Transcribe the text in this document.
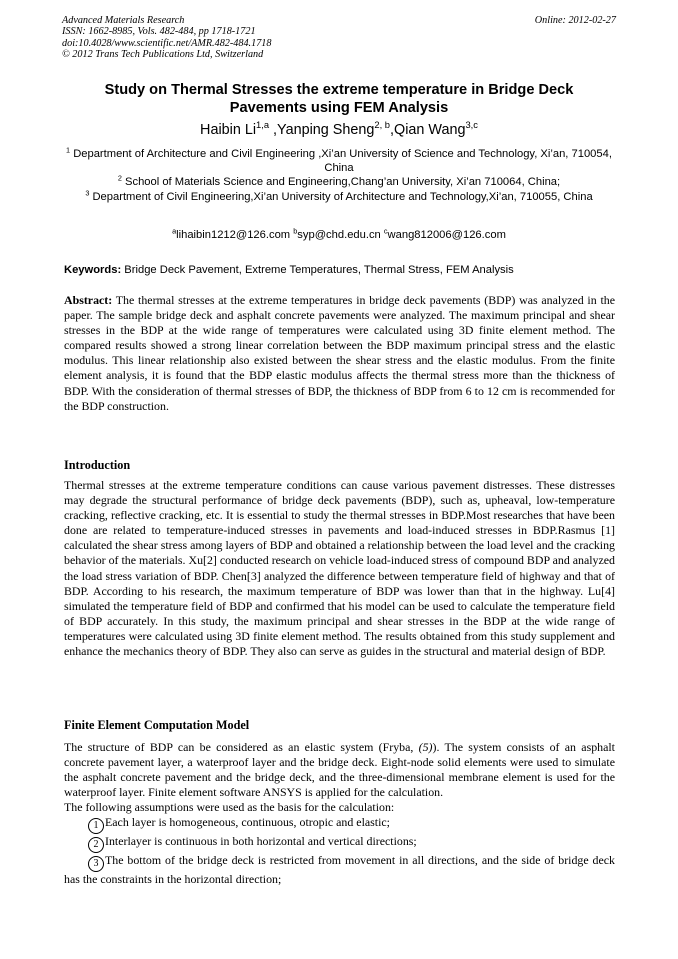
Advanced Materials Research
ISSN: 1662-8985, Vols. 482-484, pp 1718-1721
doi:10.4028/www.scientific.net/AMR.482-484.1718
© 2012 Trans Tech Publications Ltd, Switzerland
Online: 2012-02-27
Study on Thermal Stresses the extreme temperature in Bridge Deck
Pavements using FEM Analysis
Haibin Li$^{1,a}$ ,Yanping Sheng$^{2, b}$,Qian Wang$^{3,c}$
$^1$ Department of Architecture and Civil Engineering ,Xi’an University of Science and Technology, Xi’an, 710054, China
$^2$ School of Materials Science and Engineering,Chang’an University, Xi’an 710064, China;
$^3$ Department of Civil Engineering,Xi’an University of Architecture and Technology,Xi’an, 710055, China
$^a$lihaibin1212@126.com $^b$syp@chd.edu.cn $^c$wang812006@126.com
Keywords: Bridge Deck Pavement, Extreme Temperatures, Thermal Stress, FEM Analysis

Abstract: The thermal stresses at the extreme temperatures in bridge deck pavements (BDP) was analyzed in the paper. The sample bridge deck and asphalt concrete pavements were analyzed. The maximum principal and shear stresses in the BDP at the wide range of temperatures were calculated using 3D finite element method. The compared results showed a strong linear correlation between the BDP maximum principal stress and the elastic modulus. This linear relationship also existed between the shear stress and the elastic modulus. From the finite element analysis, it is found that the BDP elastic modulus affects the thermal stress more than the thickness of BDP. With the consideration of thermal stresses of BDP, the thickness of BDP from 6 to 12 cm is recommended for the BDP construction.

Introduction

Thermal stresses at the extreme temperature conditions can cause various pavement distresses. These distresses may degrade the structural performance of bridge deck pavements (BDP), such as, upheaval, low-temperature cracking, reflective cracking, etc. It is essential to study the thermal stresses in BDP.Most researches that have been done are related to temperature-induced stresses in pavements and load-induced stresses in BDP.Rasmus [1] calculated the shear stress among layers of BDP and obtained a relationship between the load level and the cracking behavior of the materials. Xu[2] conducted research on vehicle load-induced stress of compound BDP and analyzed the load stress variation of BDP. Chen[3] analyzed the difference between temperature field of highway and that of BDP. According to his research, the maximum temperature of BDP was lower than that in the highway. Lu[4] simulated the temperature field of BDP and confirmed that his model can be used to calculate the temperature field of BDP accurately. In this study, the maximum principal and shear stresses in the BDP at the wide range of temperatures were calculated using 3D finite element method. The results obtained from this study supplement and enhance the mechanics theory of BDP. They also can serve as guides in the structural and material design of BDP.

Finite Element Computation Model

The structure of BDP can be considered as an elastic system (Fryba, (5)). The system consists of an asphalt concrete pavement layer, a waterproof layer and the bridge deck. Eight-node solid elements were used to simulate the asphalt concrete pavement and the bridge deck, and the three-dimensional membrane element is used for the waterproof layer. Finite element software ANSYS is applied for the calculation.

The following assumptions were used as the basis for the calculation:

1 Each layer is homogeneous, continuous, otropic and elastic;

2 Interlayer is continuous in both horizontal and vertical directions;

3 The bottom of the bridge deck is restricted from movement in all directions, and the side of bridge deck has the constraints in the horizontal direction;
